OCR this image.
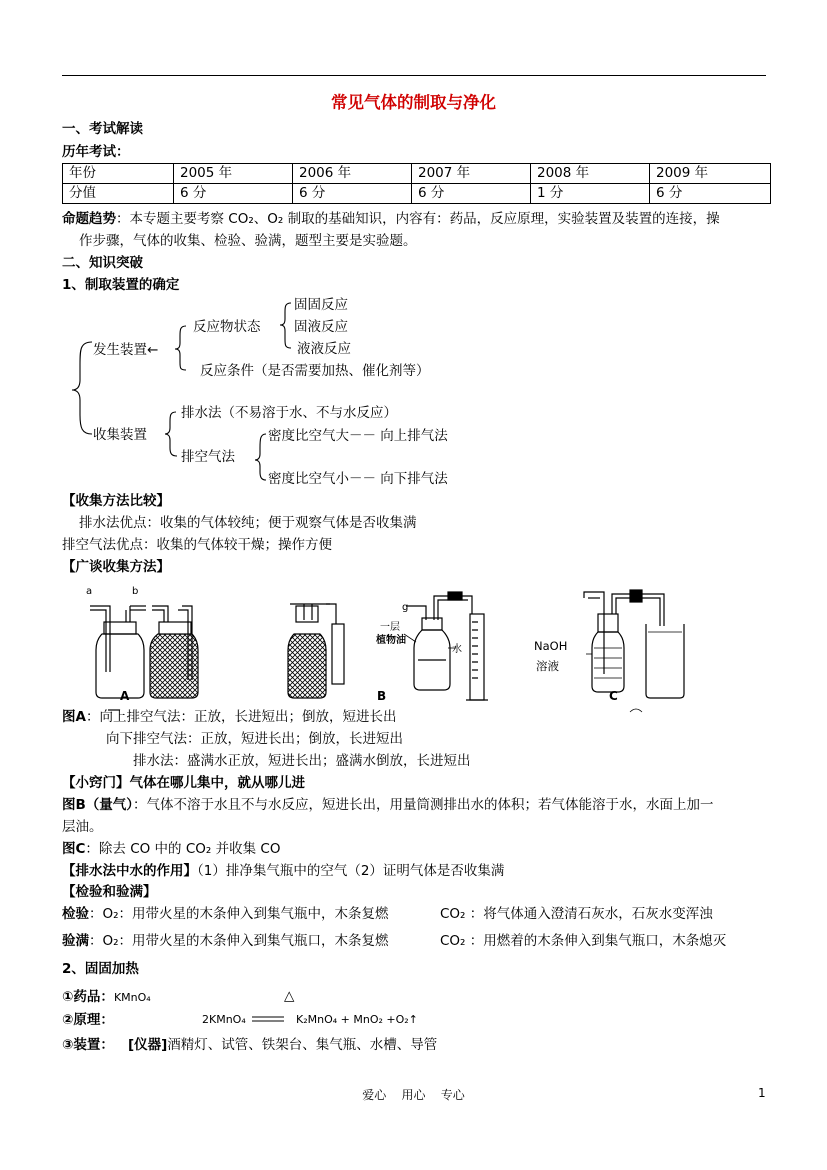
常见气体的制取与净化
一、考试解读
历年考试：
年份	2005 年	2006 年	2007 年	2008 年	2009 年
分值	6 分	6 分	6 分	1 分	6 分
命题趋势：本专题主要考察 CO₂、O₂ 制取的基础知识，内容有：药品，反应原理，实验装置及装置的连接，操
作步骤，气体的收集、检验、验满，题型主要是实验题。
二、知识突破
1、制取装置的确定
发生装置←
反应物状态
固固反应
固液反应
液液反应
反应条件（是否需要加热、催化剂等）
收集装置
排水法（不易溶于水、不与水反应）
排空气法
密度比空气大－－ 向上排气法
密度比空气小－－ 向下排气法
【收集方法比较】
排水法优点：收集的气体较纯；便于观察气体是否收集满
排空气法优点：收集的气体较干燥；操作方便
【广谈收集方法】
a	b
g
一层
植物油
水	NaOH
溶液
A	B	C
图A：向上排空气法：正放，长进短出；倒放，短进长出
向下排空气法：正放，短进长出；倒放，长进短出
排水法：盛满水正放，短进长出；盛满水倒放，长进短出
【小窍门】气体在哪儿集中，就从哪儿进
图B（量气）：气体不溶于水且不与水反应，短进长出，用量筒测排出水的体积；若气体能溶于水，水面上加一
层油。
图C：除去 CO 中的 CO₂ 并收集 CO
【排水法中水的作用】（1）排净集气瓶中的空气（2）证明气体是否收集满
【检验和验满】
检验：O₂：用带火星的木条伸入到集气瓶中，木条复燃	CO₂ ：将气体通入澄清石灰水，石灰水变浑浊
验满：O₂：用带火星的木条伸入到集气瓶口，木条复燃	CO₂ ：用燃着的木条伸入到集气瓶口，木条熄灭
2、固固加热
①药品：KMnO₄	△
②原理：	2KMnO₄	K₂MnO₄ + MnO₂ +O₂↑
③装置： [仪器]酒精灯、试管、铁架台、集气瓶、水槽、导管
爱心    用心    专心	1
